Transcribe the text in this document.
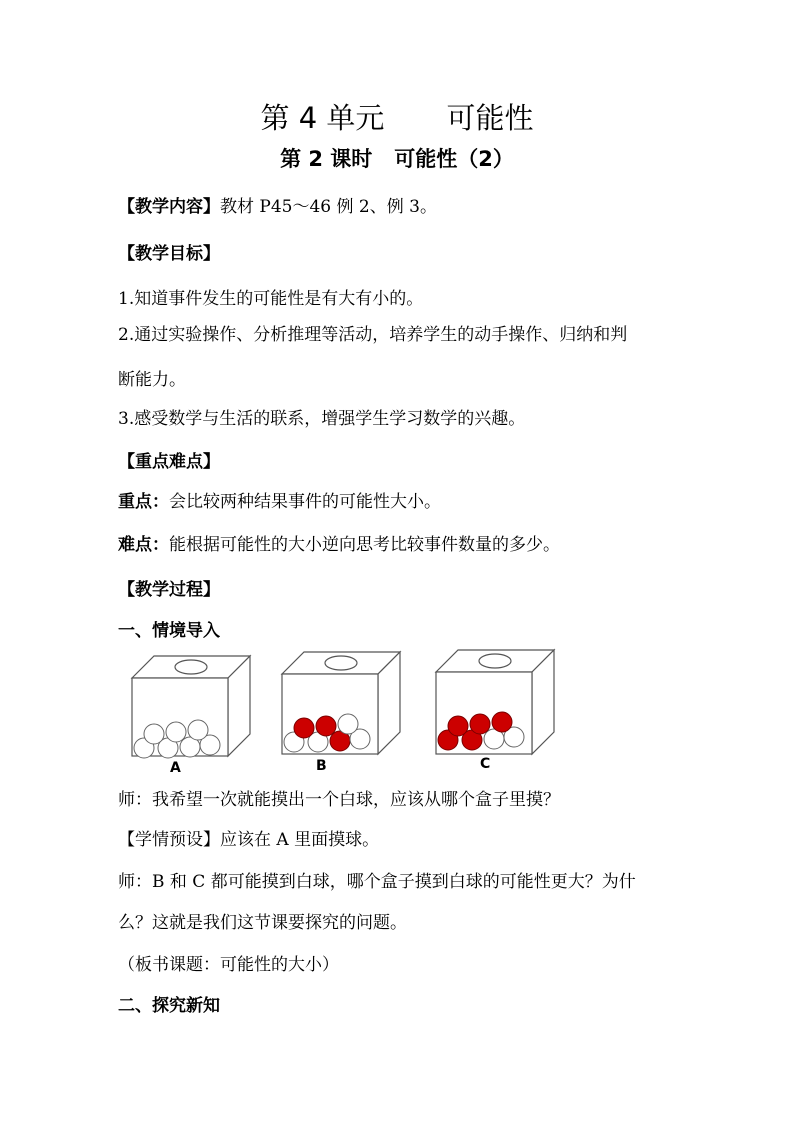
第 4 单元 可能性
第 2 课时 可能性（2）
【教学内容】教材 P45～46 例 2、例 3。
【教学目标】
1.知道事件发生的可能性是有大有小的。
2.通过实验操作、分析推理等活动，培养学生的动手操作、归纳和判
断能力。
3.感受数学与生活的联系，增强学生学习数学的兴趣。
【重点难点】
重点：会比较两种结果事件的可能性大小。
难点：能根据可能性的大小逆向思考比较事件数量的多少。
【教学过程】
一、情境导入
A	B	C
师：我希望一次就能摸出一个白球，应该从哪个盒子里摸？
【学情预设】应该在 A 里面摸球。
师：B 和 C 都可能摸到白球，哪个盒子摸到白球的可能性更大？为什
么？这就是我们这节课要探究的问题。
（板书课题：可能性的大小）
二、探究新知
